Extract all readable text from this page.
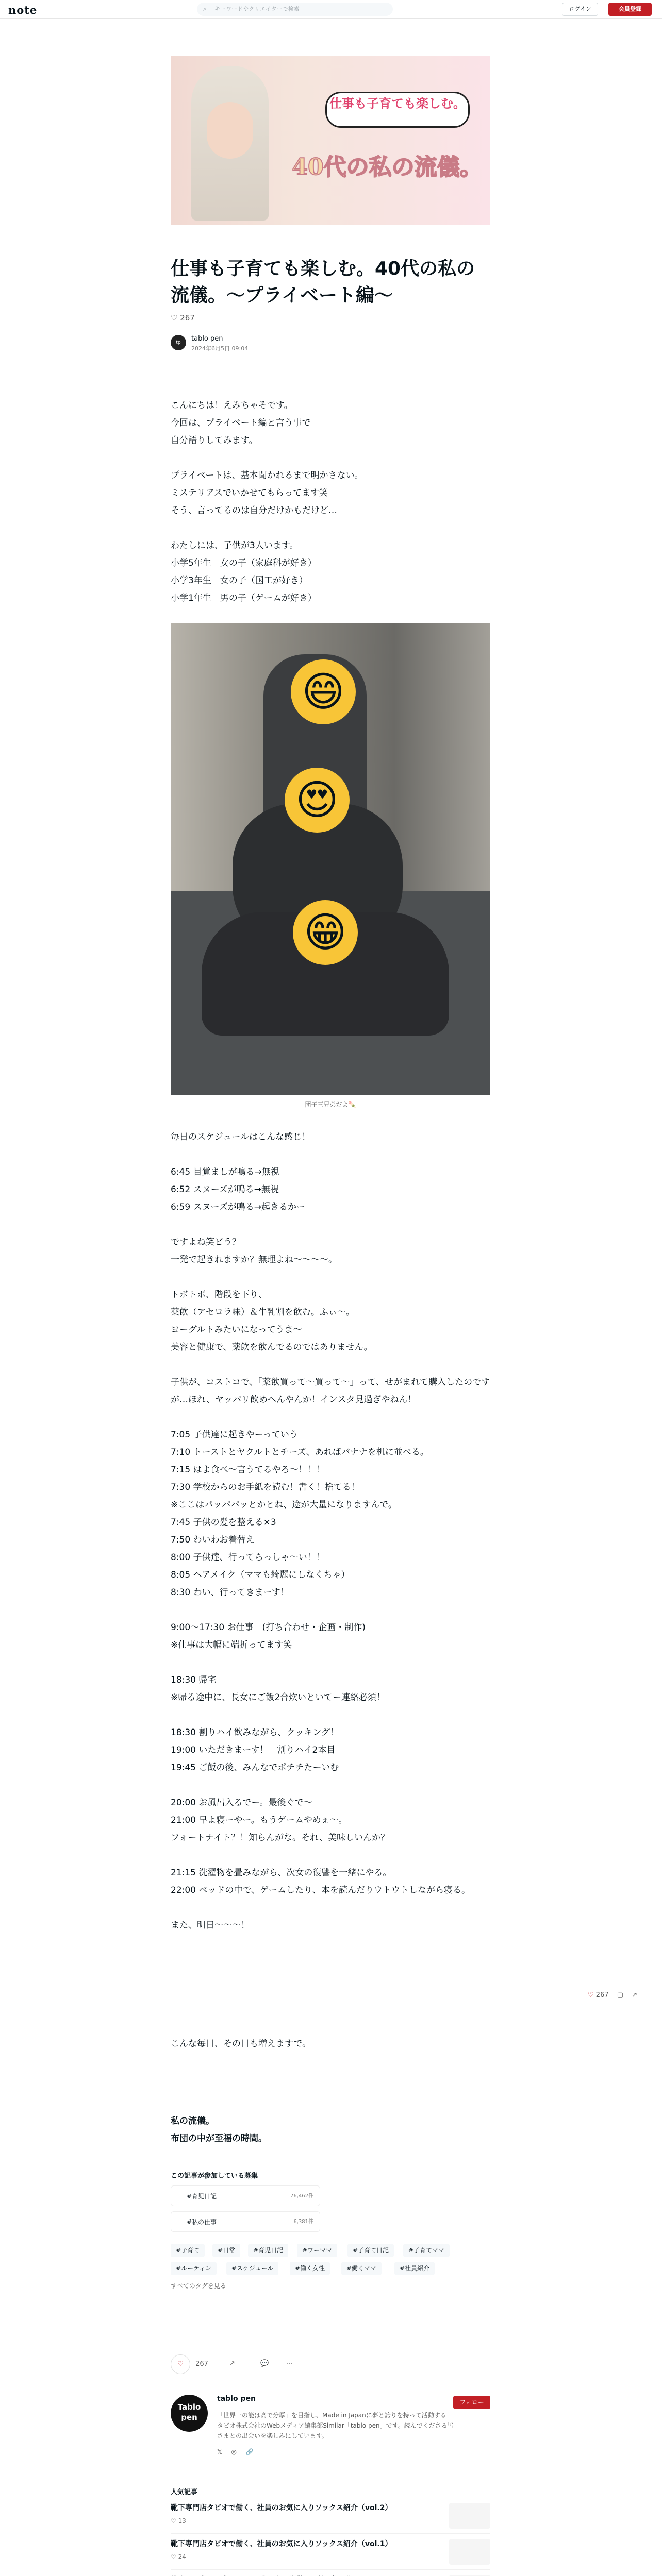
note	⌕ キーワードやクリエイターで検索	ログイン	会員登録
仕事も子育ても楽しむ。
40代の私の流儀。
仕事も子育ても楽しむ。40代の私の流儀。〜プライベート編〜
♡ 267
tp	tablo pen
2024年6月5日 09:04

こんにちは！えみちゃそです。

今回は、プライベート編と言う事で

自分語りしてみます。

プライベートは、基本聞かれるまで明かさない。

ミステリアスでいかせてもらってます笑

そう、言ってるのは自分だけかもだけど…

わたしには、子供が3人います。

小学5年生　女の子（家庭科が好き）

小学3年生　女の子（国工が好き）

小学1年生　男の子（ゲームが好き）

😄
😍
😁
団子三兄弟だよ🍡

毎日のスケジュールはこんな感じ！

6:45 目覚ましが鳴る→無視

6:52 スヌーズが鳴る→無視

6:59 スヌーズが鳴る→起きるかー

ですよね笑ビう？

一発で起きれますか？無理よね〜〜〜〜。

トボトボ、階段を下り、

薬飲（アセロラ味）＆牛乳割を飲む。ふぃ〜。

ヨーグルトみたいになってうま〜

美容と健康で、薬飲を飲んでるのではありません。

子供が、コストコで、「薬飲買って〜買って〜」って、せがまれて購入したのですが…ほれ、ヤッパリ飲めへんやんか！インスタ見過ぎやねん！

7:05 子供達に起きやーっていう

7:10 トーストとヤクルトとチーズ、あればバナナを机に並べる。

7:15 はよ食べ〜言うてるやろ〜！！！

7:30 学校からのお手紙を読む！書く！捨てる！

※ここはパッパパッとかとね、途が大量になりますんで。

7:45 子供の髪を整える×3

7:50 わいわお着替え

8:00 子供達、行ってらっしゃ〜い！！

8:05 ヘアメイク（ママも綺麗にしなくちゃ）

8:30 わい、行ってきまーす！

9:00〜17:30 お仕事　(打ち合わせ・企画・制作)

※仕事は大幅に端折ってます笑

18:30 帰宅

※帰る途中に、長女にご飯2合炊いといてー連絡必須！

18:30 割りハイ飲みながら、クッキング！

19:00 いただきまーす！　割りハイ2本目

19:45 ご飯の後、みんなでポチチたーいむ

20:00 お風呂入るでー。最後ぐで〜

21:00 早よ寝ーやー。もうゲームやめぇ〜。

フォートナイト？！知らんがな。それ、美味しいんか？

21:15 洗濯物を畳みながら、次女の復讐を一緒にやる。

22:00 ベッドの中で、ゲームしたり、本を読んだりウトウトしながら寝る。

また、明日〜〜〜！

♡ 267 ▢ ↗
こんな毎日、その日も増えますで。

私の流儀。

布団の中が至福の時間。

この記事が参加している募集
#育児日記	76,462件
#私の仕事	6,381件
#子育て	#日常	#育児日記	#ワーママ	#子育て日記	#子育てママ
#ルーティン	#スケジュール	#働く女性	#働くママ	#社員紹介
すべてのタグを見る
♡ 267	↗	💬	⋯
Tablo pen
tablo pen	フォロー
「世界一の能は高で分厚」を目指し、Made in Japanに夢と誇りを持って活動する タビオ株式会社のWebメディア編集部Similar「tablo pen」です。読んでくださる皆さまとの出会いを楽しみにしています。
𝕏 ◎ 🔗
人気記事
靴下専門店タビオで働く、社員のお気に入りソックス紹介（vol.2）
♡ 13
靴下専門店タビオで働く、社員のお気に入りソックス紹介（vol.1）
♡ 24
